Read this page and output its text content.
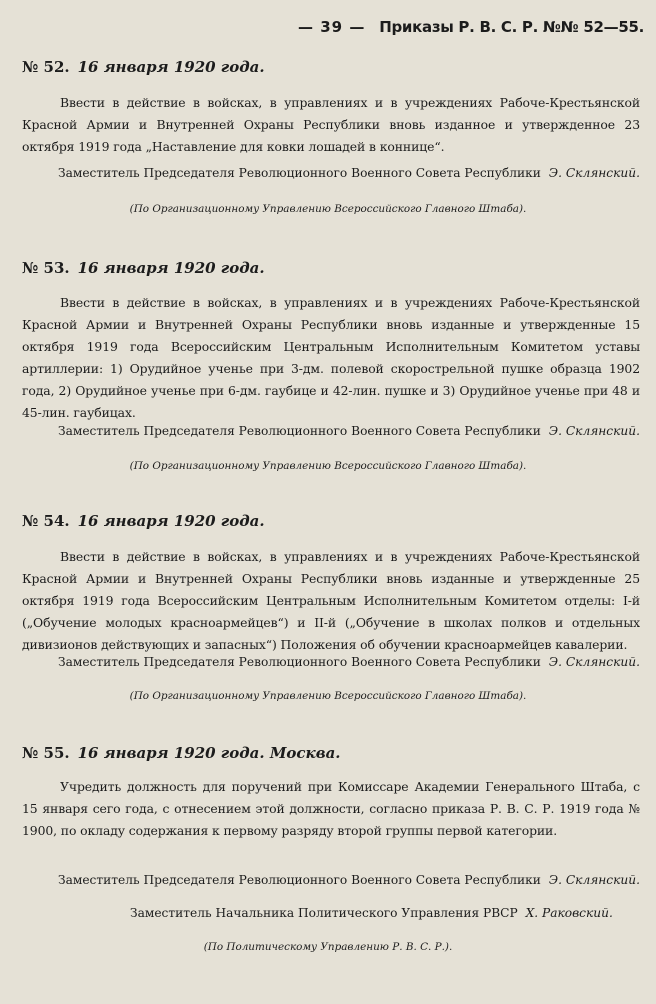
— 39 — Приказы Р. В. С. Р. №№ 52—55.
№ 52. 16 января 1920 года.
Ввести в действие в войсках, в управлениях и в учреждениях Рабоче-Крестьянской Красной Армии и Внутренней Охраны Республики вновь изданное и утвержденное 23 октября 1919 года „Наставление для ковки лошадей в коннице“.
Заместитель Председателя Революционного Военного Совета Республики Э. Склянский.
(По Организационному Управлению Всероссийского Главного Штаба).
№ 53. 16 января 1920 года.
Ввести в действие в войсках, в управлениях и в учреждениях Рабоче-Крестьянской Красной Армии и Внутренней Охраны Республики вновь изданные и утвержденные 15 октября 1919 года Всероссийским Центральным Исполнительным Комитетом уставы артиллерии: 1) Орудийное ученье при 3-дм. полевой скорострельной пушке образца 1902 года, 2) Орудийное ученье при 6-дм. гаубице и 42-лин. пушке и 3) Орудийное ученье при 48 и 45-лин. гаубицах.
Заместитель Председателя Революционного Военного Совета Республики Э. Склянский.
(По Организационному Управлению Всероссийского Главного Штаба).
№ 54. 16 января 1920 года.
Ввести в действие в войсках, в управлениях и в учреждениях Рабоче-Крестьянской Красной Армии и Внутренней Охраны Республики вновь изданные и утвержденные 25 октября 1919 года Всероссийским Центральным Исполнительным Комитетом отделы: I-й („Обучение молодых красноармейцев“) и II-й („Обучение в школах полков и отдельных дивизионов действующих и запасных“) Положения об обучении красноармейцев кавалерии.
Заместитель Председателя Революционного Военного Совета Республики Э. Склянский.
(По Организационному Управлению Всероссийского Главного Штаба).
№ 55. 16 января 1920 года. Москва.
Учредить должность для поручений при Комиссаре Академии Генерального Штаба, с 15 января сего года, с отнесением этой должности, согласно приказа Р. В. С. Р. 1919 года № 1900, по окладу содержания к первому разряду второй группы первой категории.
Заместитель Председателя Революционного Военного Совета Республики Э. Склянский.
Заместитель Начальника Политического Управления РВСР Х. Раковский.
(По Политическому Управлению Р. В. С. Р.).
